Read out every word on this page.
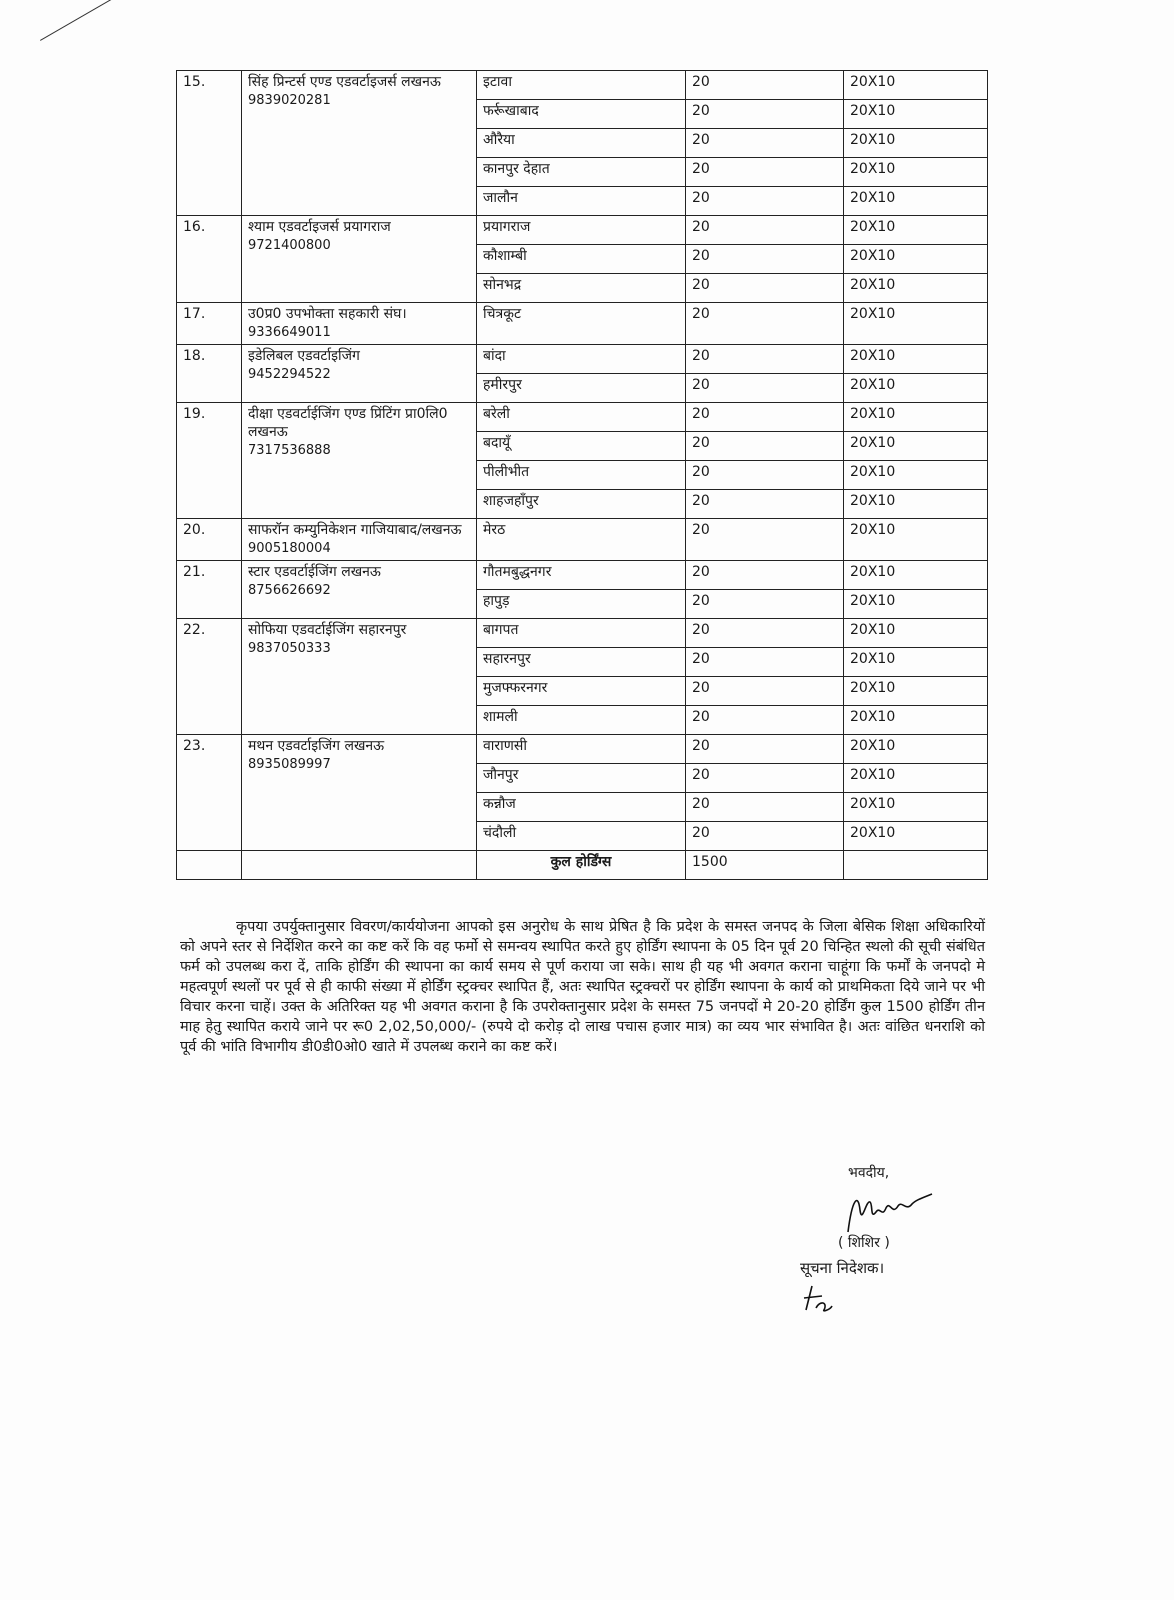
15.	सिंह प्रिन्टर्स एण्ड एडवर्टाइजर्स लखनऊ
9839020281	इटावा	20	20X10
		फर्रूखाबाद	20	20X10
		औरैया	20	20X10
		कानपुर देहात	20	20X10
		जालौन	20	20X10
16.	श्याम एडवर्टाइजर्स प्रयागराज
9721400800	प्रयागराज	20	20X10
		कौशाम्बी	20	20X10
		सोनभद्र	20	20X10
17.	उ0प्र0 उपभोक्ता सहकारी संघ।
9336649011	चित्रकूट	20	20X10
18.	इडेलिबल एडवर्टाइजिंग
9452294522	बांदा	20	20X10
		हमीरपुर	20	20X10
19.	दीक्षा एडवर्टाईजिंग एण्ड प्रिंटिंग प्रा0लि0 लखनऊ
7317536888	बरेली	20	20X10
		बदायूँ	20	20X10
		पीलीभीत	20	20X10
		शाहजहाँपुर	20	20X10
20.	साफरॉन कम्युनिकेशन गाजियाबाद/लखनऊ
9005180004	मेरठ	20	20X10
21.	स्टार एडवर्टाईजिंग लखनऊ
8756626692	गौतमबुद्धनगर	20	20X10
		हापुड़	20	20X10
22.	सोफिया एडवर्टाईजिंग सहारनपुर
9837050333	बागपत	20	20X10
		सहारनपुर	20	20X10
		मुजफ्फरनगर	20	20X10
		शामली	20	20X10
23.	मथन एडवर्टाइजिंग लखनऊ
8935089997	वाराणसी	20	20X10
		जौनपुर	20	20X10
		कन्नौज	20	20X10
		चंदौली	20	20X10
		कुल होर्डिंग्स	1500	

कृपया उपर्युक्तानुसार विवरण/कार्ययोजना आपको इस अनुरोध के साथ प्रेषित है कि प्रदेश के समस्त जनपद के जिला बेसिक शिक्षा अधिकारियों को अपने स्तर से निर्देशित करने का कष्ट करें कि वह फर्मो से समन्वय स्थापित करते हुए होर्डिंग स्थापना के 05 दिन पूर्व 20 चिन्हित स्थलो की सूची संबंधित फर्म को उपलब्ध करा दें, ताकि होर्डिंग की स्थापना का कार्य समय से पूर्ण कराया जा सके। साथ ही यह भी अवगत कराना चाहूंगा कि फर्मों के जनपदो मे महत्वपूर्ण स्थलों पर पूर्व से ही काफी संख्या में होर्डिंग स्ट्रक्चर स्थापित हैं, अतः स्थापित स्ट्रक्चरों पर होर्डिंग स्थापना के कार्य को प्राथमिकता दिये जाने पर भी विचार करना चाहें। उक्त के अतिरिक्त यह भी अवगत कराना है कि उपरोक्तानुसार प्रदेश के समस्त 75 जनपदों मे 20-20 होर्डिंग कुल 1500 होर्डिंग तीन माह हेतु स्थापित कराये जाने पर रू0 2,02,50,000/- (रुपये दो करोड़ दो लाख पचास हजार मात्र) का व्यय भार संभावित है। अतः वांछित धनराशि को पूर्व की भांति विभागीय डी0डी0ओ0 खाते में उपलब्ध कराने का कष्ट करें।

भवदीय,
( शिशिर )
सूचना निदेशक।
